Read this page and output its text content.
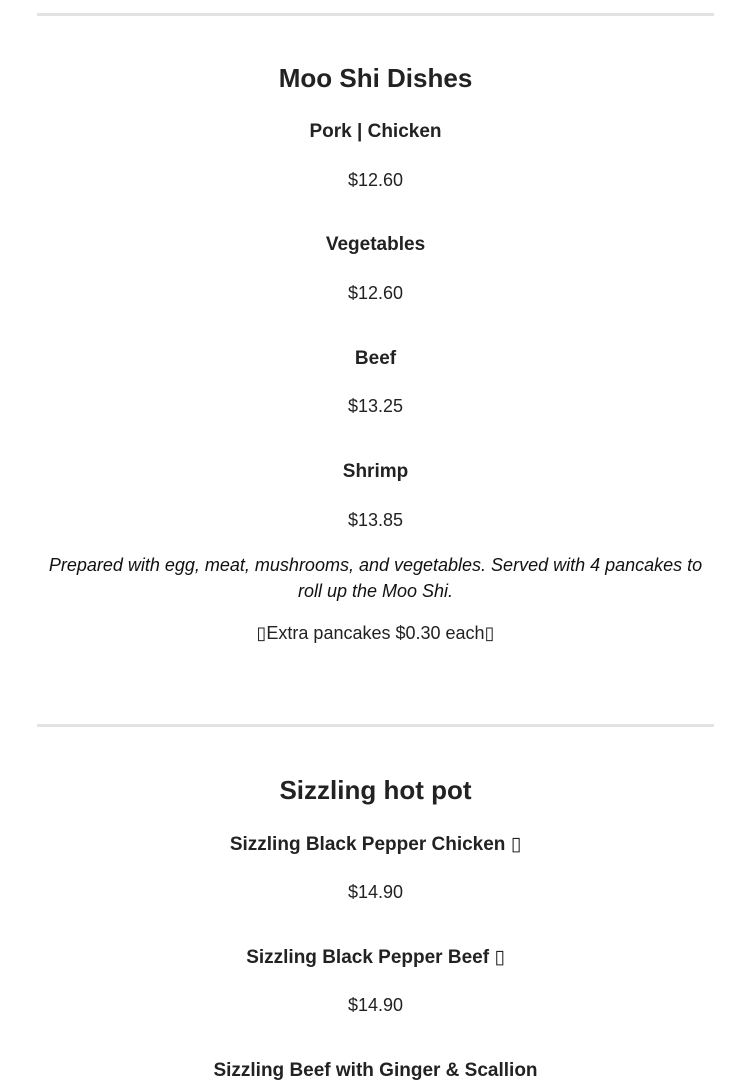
Moo Shi Dishes
Pork | Chicken
$12.60
Vegetables
$12.60
Beef
$13.25
Shrimp
$13.85

Prepared with egg, meat, mushrooms, and vegetables. Served with 4 pancakes to roll up the Moo Shi.

▯Extra pancakes $0.30 each▯
Sizzling hot pot
Sizzling Black Pepper Chicken ▯
$14.90
Sizzling Black Pepper Beef ▯
$14.90
Sizzling Beef with Ginger & Scallion
